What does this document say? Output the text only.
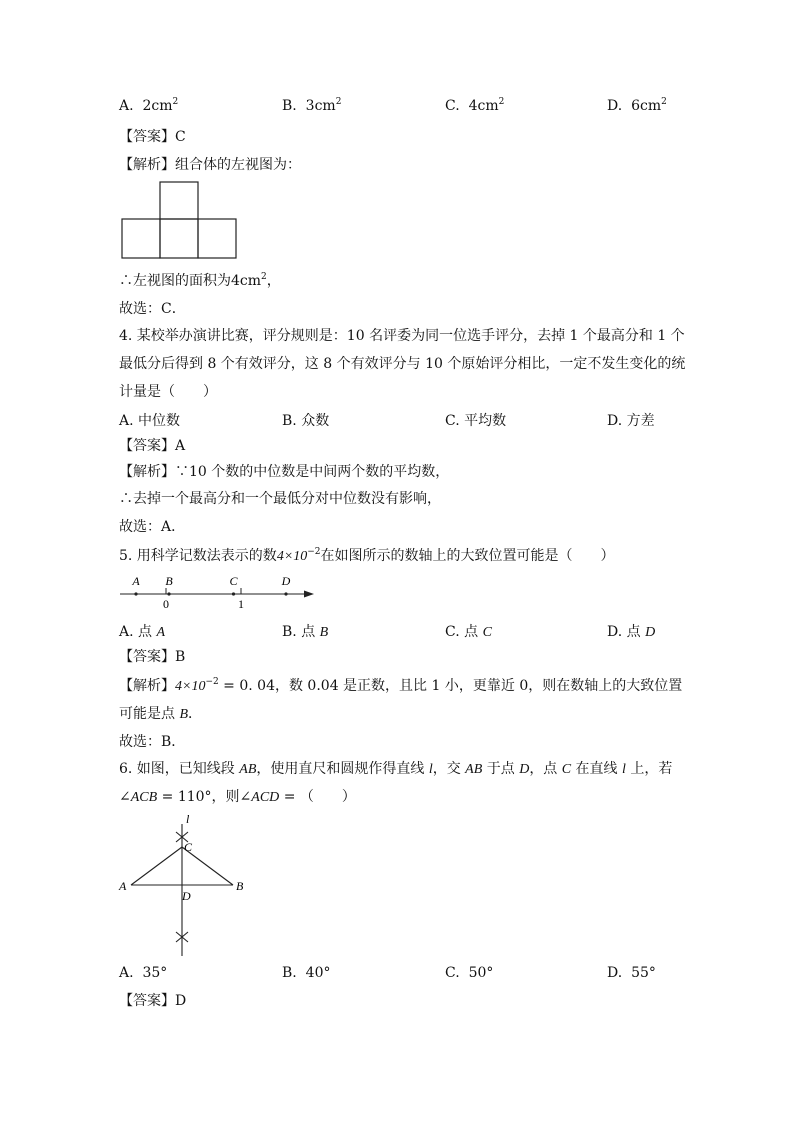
A. $2cm^2$	B. $3cm^2$	C. $4cm^2$	D. $6cm^2$
【答案】C
【解析】组合体的左视图为：
∴左视图的面积为$4cm^2$，
故选：C．
4. 某校举办演讲比赛，评分规则是：10 名评委为同一位选手评分，去掉 1 个最高分和 1 个
最低分后得到 8 个有效评分，这 8 个有效评分与 10 个原始评分相比，一定不发生变化的统
计量是（　　）
A. 中位数	B. 众数	C. 平均数	D. 方差
【答案】A
【解析】∵10 个数的中位数是中间两个数的平均数，
∴去掉一个最高分和一个最低分对中位数没有影响，
故选：A．
5. 用科学记数法表示的数$4\times 10^{-2}$在如图所示的数轴上的大致位置可能是（　　）
A B	C	D
0	1
A. 点 A	B. 点 B	C. 点 C	D. 点 D
【答案】B
【解析】$4\times 10^{-2} = 0$. 04，数 0.04 是正数，且比 1 小，更靠近 0，则在数轴上的大致位置
可能是点 B．
故选：B．
6. 如图，已知线段 AB，使用直尺和圆规作得直线 l，交 AB 于点 D，点 C 在直线 l 上，若
∠ACB = 110°，则∠ACD = （　　）
l
C
A	B
D
A. 35°	B. 40°	C. 50°	D. 55°
【答案】D
